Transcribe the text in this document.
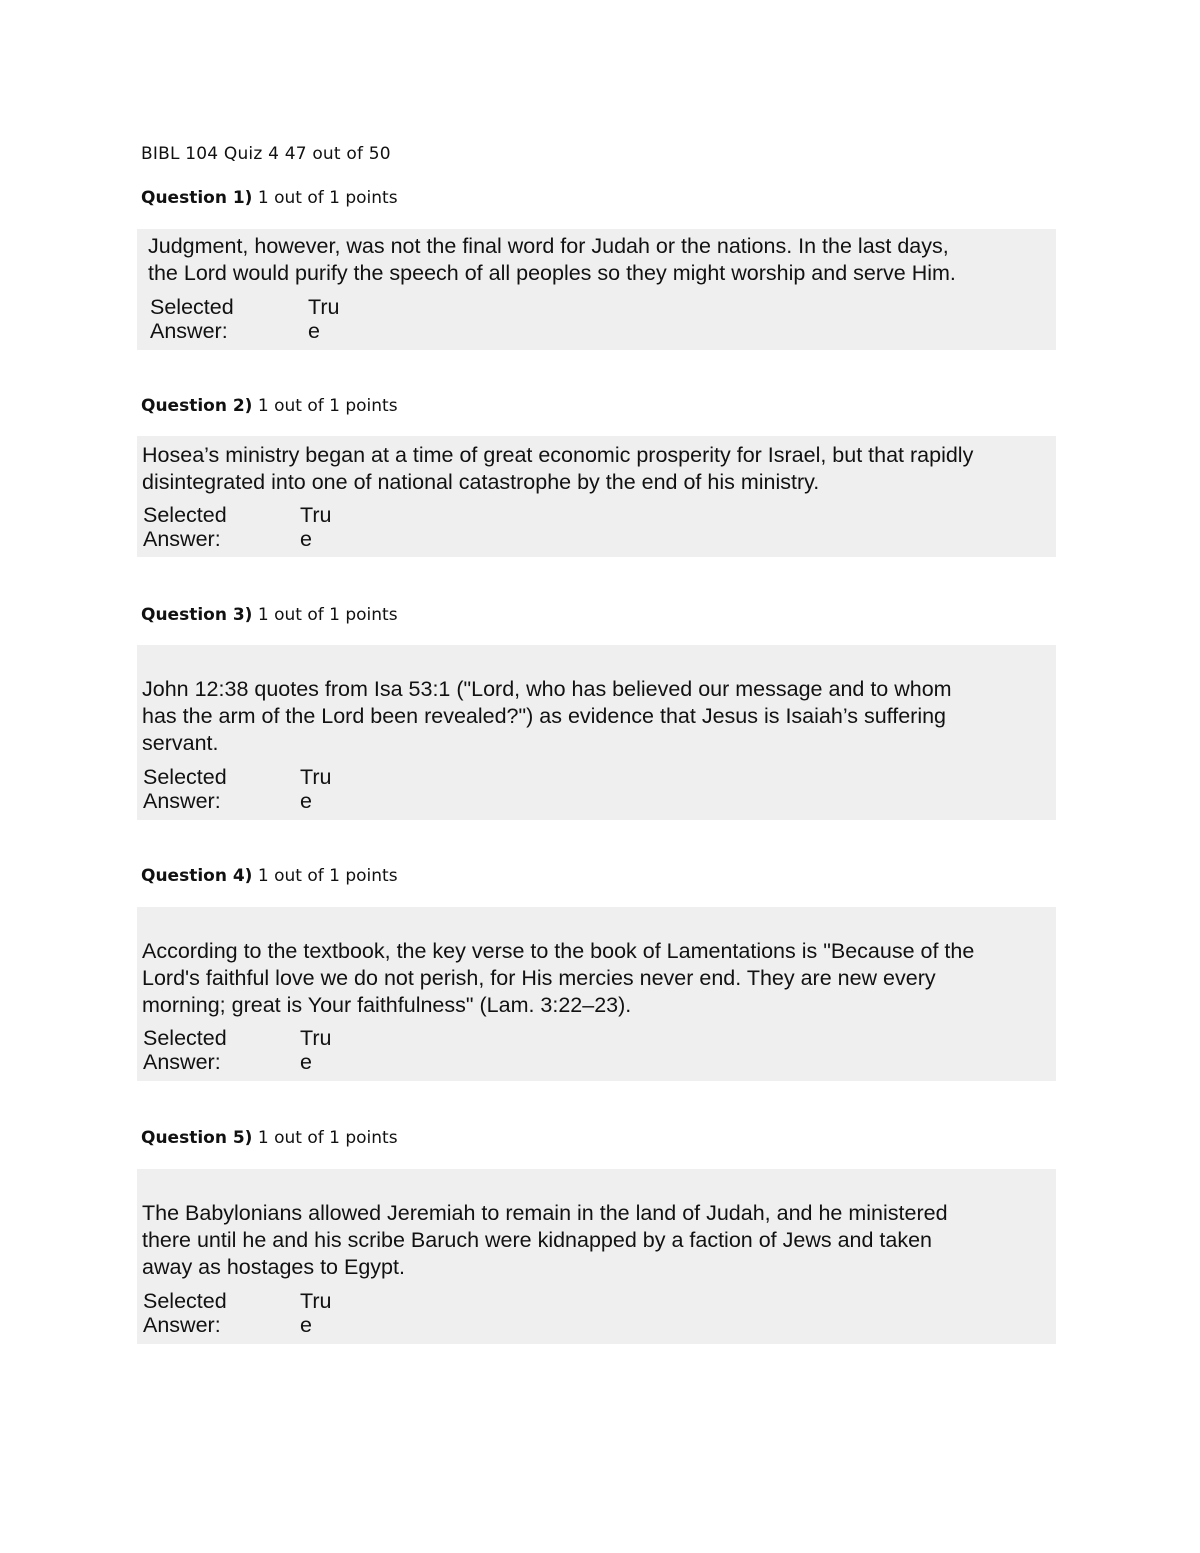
BIBL 104 Quiz 4 47 out of 50
Question 1) 1 out of 1 points
Judgment, however, was not the final word for Judah or the nations. In the last days,
the Lord would purify the speech of all peoples so they might worship and serve Him.
Selected
Answer:
Tru
e
Question 2) 1 out of 1 points
Hosea’s ministry began at a time of great economic prosperity for Israel, but that rapidly
disintegrated into one of national catastrophe by the end of his ministry.
Selected
Answer:
Tru
e
Question 3) 1 out of 1 points
John 12:38 quotes from Isa 53:1 ("Lord, who has believed our message and to whom
has the arm of the Lord been revealed?") as evidence that Jesus is Isaiah’s suffering
servant.
Selected
Answer:
Tru
e
Question 4) 1 out of 1 points
According to the textbook, the key verse to the book of Lamentations is "Because of the
Lord's faithful love we do not perish, for His mercies never end. They are new every
morning; great is Your faithfulness" (Lam. 3:22–23).
Selected
Answer:
Tru
e
Question 5) 1 out of 1 points
The Babylonians allowed Jeremiah to remain in the land of Judah, and he ministered
there until he and his scribe Baruch were kidnapped by a faction of Jews and taken
away as hostages to Egypt.
Selected
Answer:
Tru
e
